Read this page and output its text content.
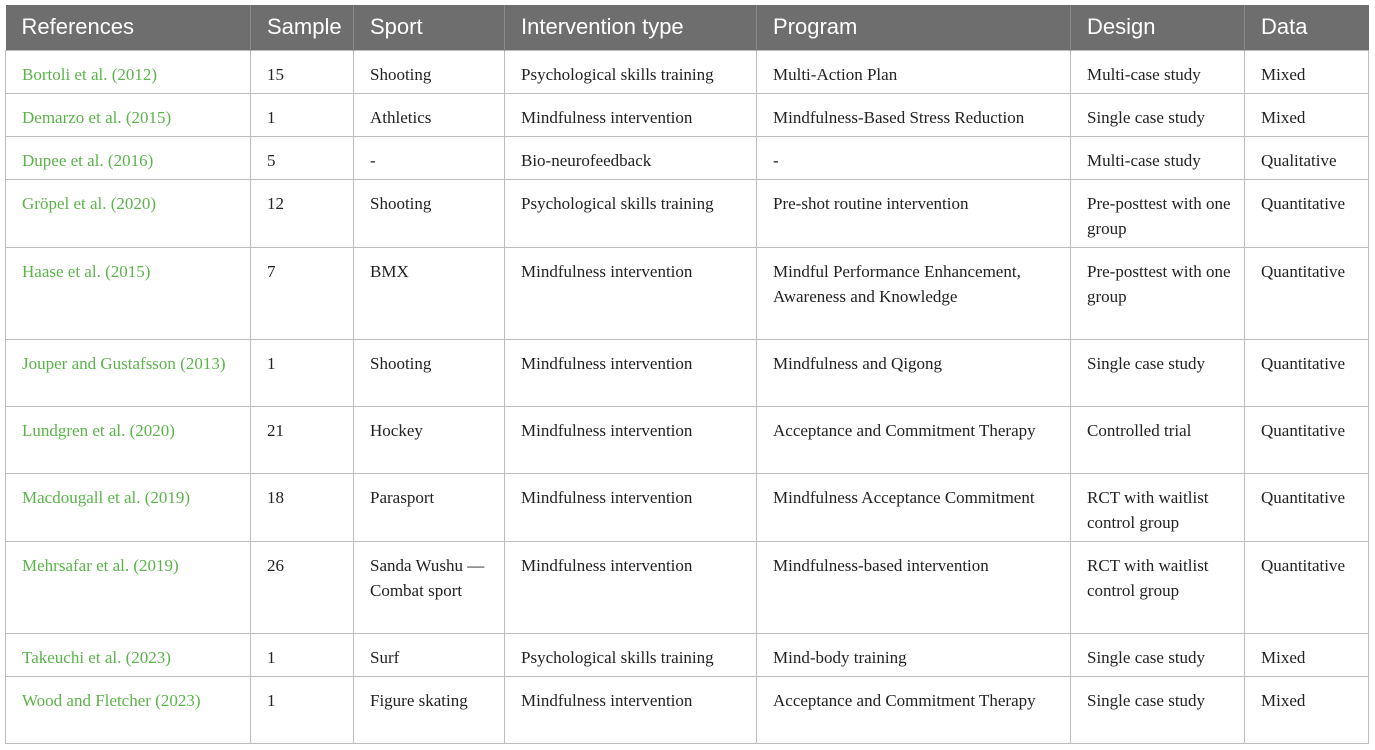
References	Sample	Sport	Intervention type	Program	Design	Data
Bortoli et al. (2012)	15	Shooting	Psychological skills training	Multi-Action Plan	Multi-case study	Mixed
Demarzo et al. (2015)	1	Athletics	Mindfulness intervention	Mindfulness-Based Stress Reduction	Single case study	Mixed
Dupee et al. (2016)	5	-	Bio-neurofeedback	-	Multi-case study	Qualitative
Gröpel et al. (2020)	12	Shooting	Psychological skills training	Pre-shot routine intervention	Pre-posttest with one group	Quantitative
Haase et al. (2015)	7	BMX	Mindfulness intervention	Mindful Performance Enhancement, Awareness and Knowledge	Pre-posttest with one group	Quantitative
Jouper and Gustafsson (2013)	1	Shooting	Mindfulness intervention	Mindfulness and Qigong	Single case study	Quantitative
Lundgren et al. (2020)	21	Hockey	Mindfulness intervention	Acceptance and Commitment Therapy	Controlled trial	Quantitative
Macdougall et al. (2019)	18	Parasport	Mindfulness intervention	Mindfulness Acceptance Commitment	RCT with waitlist control group	Quantitative
Mehrsafar et al. (2019)	26	Sanda Wushu —Combat sport	Mindfulness intervention	Mindfulness-based intervention	RCT with waitlist control group	Quantitative
Takeuchi et al. (2023)	1	Surf	Psychological skills training	Mind-body training	Single case study	Mixed
Wood and Fletcher (2023)	1	Figure skating	Mindfulness intervention	Acceptance and Commitment Therapy	Single case study	Mixed
